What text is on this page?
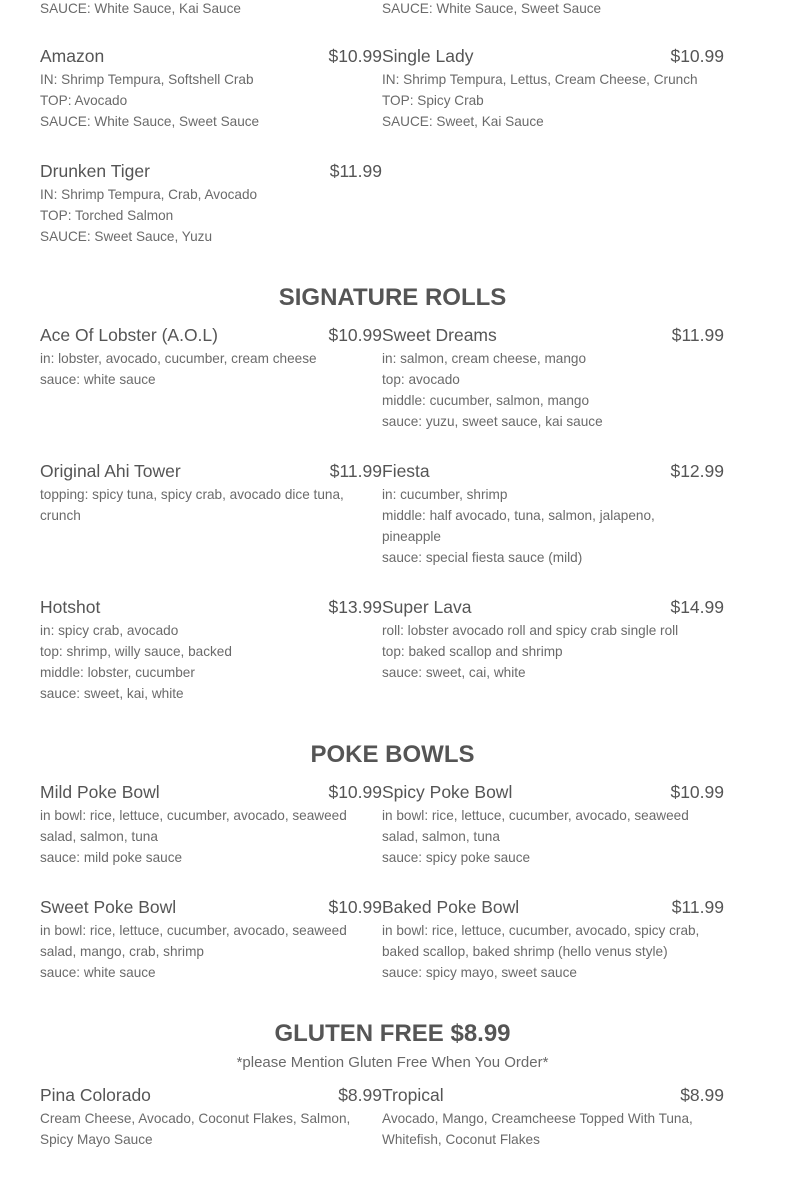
SAUCE: White Sauce, Kai Sauce	SAUCE: White Sauce, Sweet Sauce
Amazon	$10.99
IN: Shrimp Tempura, Softshell Crab
TOP: Avocado
SAUCE: White Sauce, Sweet Sauce
Single Lady	$10.99
IN: Shrimp Tempura, Lettus, Cream Cheese, Crunch
TOP: Spicy Crab
SAUCE: Sweet, Kai Sauce
Drunken Tiger	$11.99
IN: Shrimp Tempura, Crab, Avocado
TOP: Torched Salmon
SAUCE: Sweet Sauce, Yuzu
SIGNATURE ROLLS
Ace Of Lobster (A.O.L)	$10.99
in: lobster, avocado, cucumber, cream cheese
sauce: white sauce
Sweet Dreams	$11.99
in: salmon, cream cheese, mango
top: avocado
middle: cucumber, salmon, mango
sauce: yuzu, sweet sauce, kai sauce
Original Ahi Tower	$11.99
topping: spicy tuna, spicy crab, avocado dice tuna,
crunch
Fiesta	$12.99
in: cucumber, shrimp
middle: half avocado, tuna, salmon, jalapeno,
pineapple
sauce: special fiesta sauce (mild)
Hotshot	$13.99
in: spicy crab, avocado
top: shrimp, willy sauce, backed
middle: lobster, cucumber
sauce: sweet, kai, white
Super Lava	$14.99
roll: lobster avocado roll and spicy crab single roll
top: baked scallop and shrimp
sauce: sweet, cai, white
POKE BOWLS
Mild Poke Bowl	$10.99
in bowl: rice, lettuce, cucumber, avocado, seaweed
salad, salmon, tuna
sauce: mild poke sauce
Spicy Poke Bowl	$10.99
in bowl: rice, lettuce, cucumber, avocado, seaweed
salad, salmon, tuna
sauce: spicy poke sauce
Sweet Poke Bowl	$10.99
in bowl: rice, lettuce, cucumber, avocado, seaweed
salad, mango, crab, shrimp
sauce: white sauce
Baked Poke Bowl	$11.99
in bowl: rice, lettuce, cucumber, avocado, spicy crab,
baked scallop, baked shrimp (hello venus style)
sauce: spicy mayo, sweet sauce
GLUTEN FREE $8.99
*please Mention Gluten Free When You Order*
Pina Colorado	$8.99
Cream Cheese, Avocado, Coconut Flakes, Salmon,
Spicy Mayo Sauce
Tropical	$8.99
Avocado, Mango, Creamcheese Topped With Tuna,
Whitefish, Coconut Flakes
